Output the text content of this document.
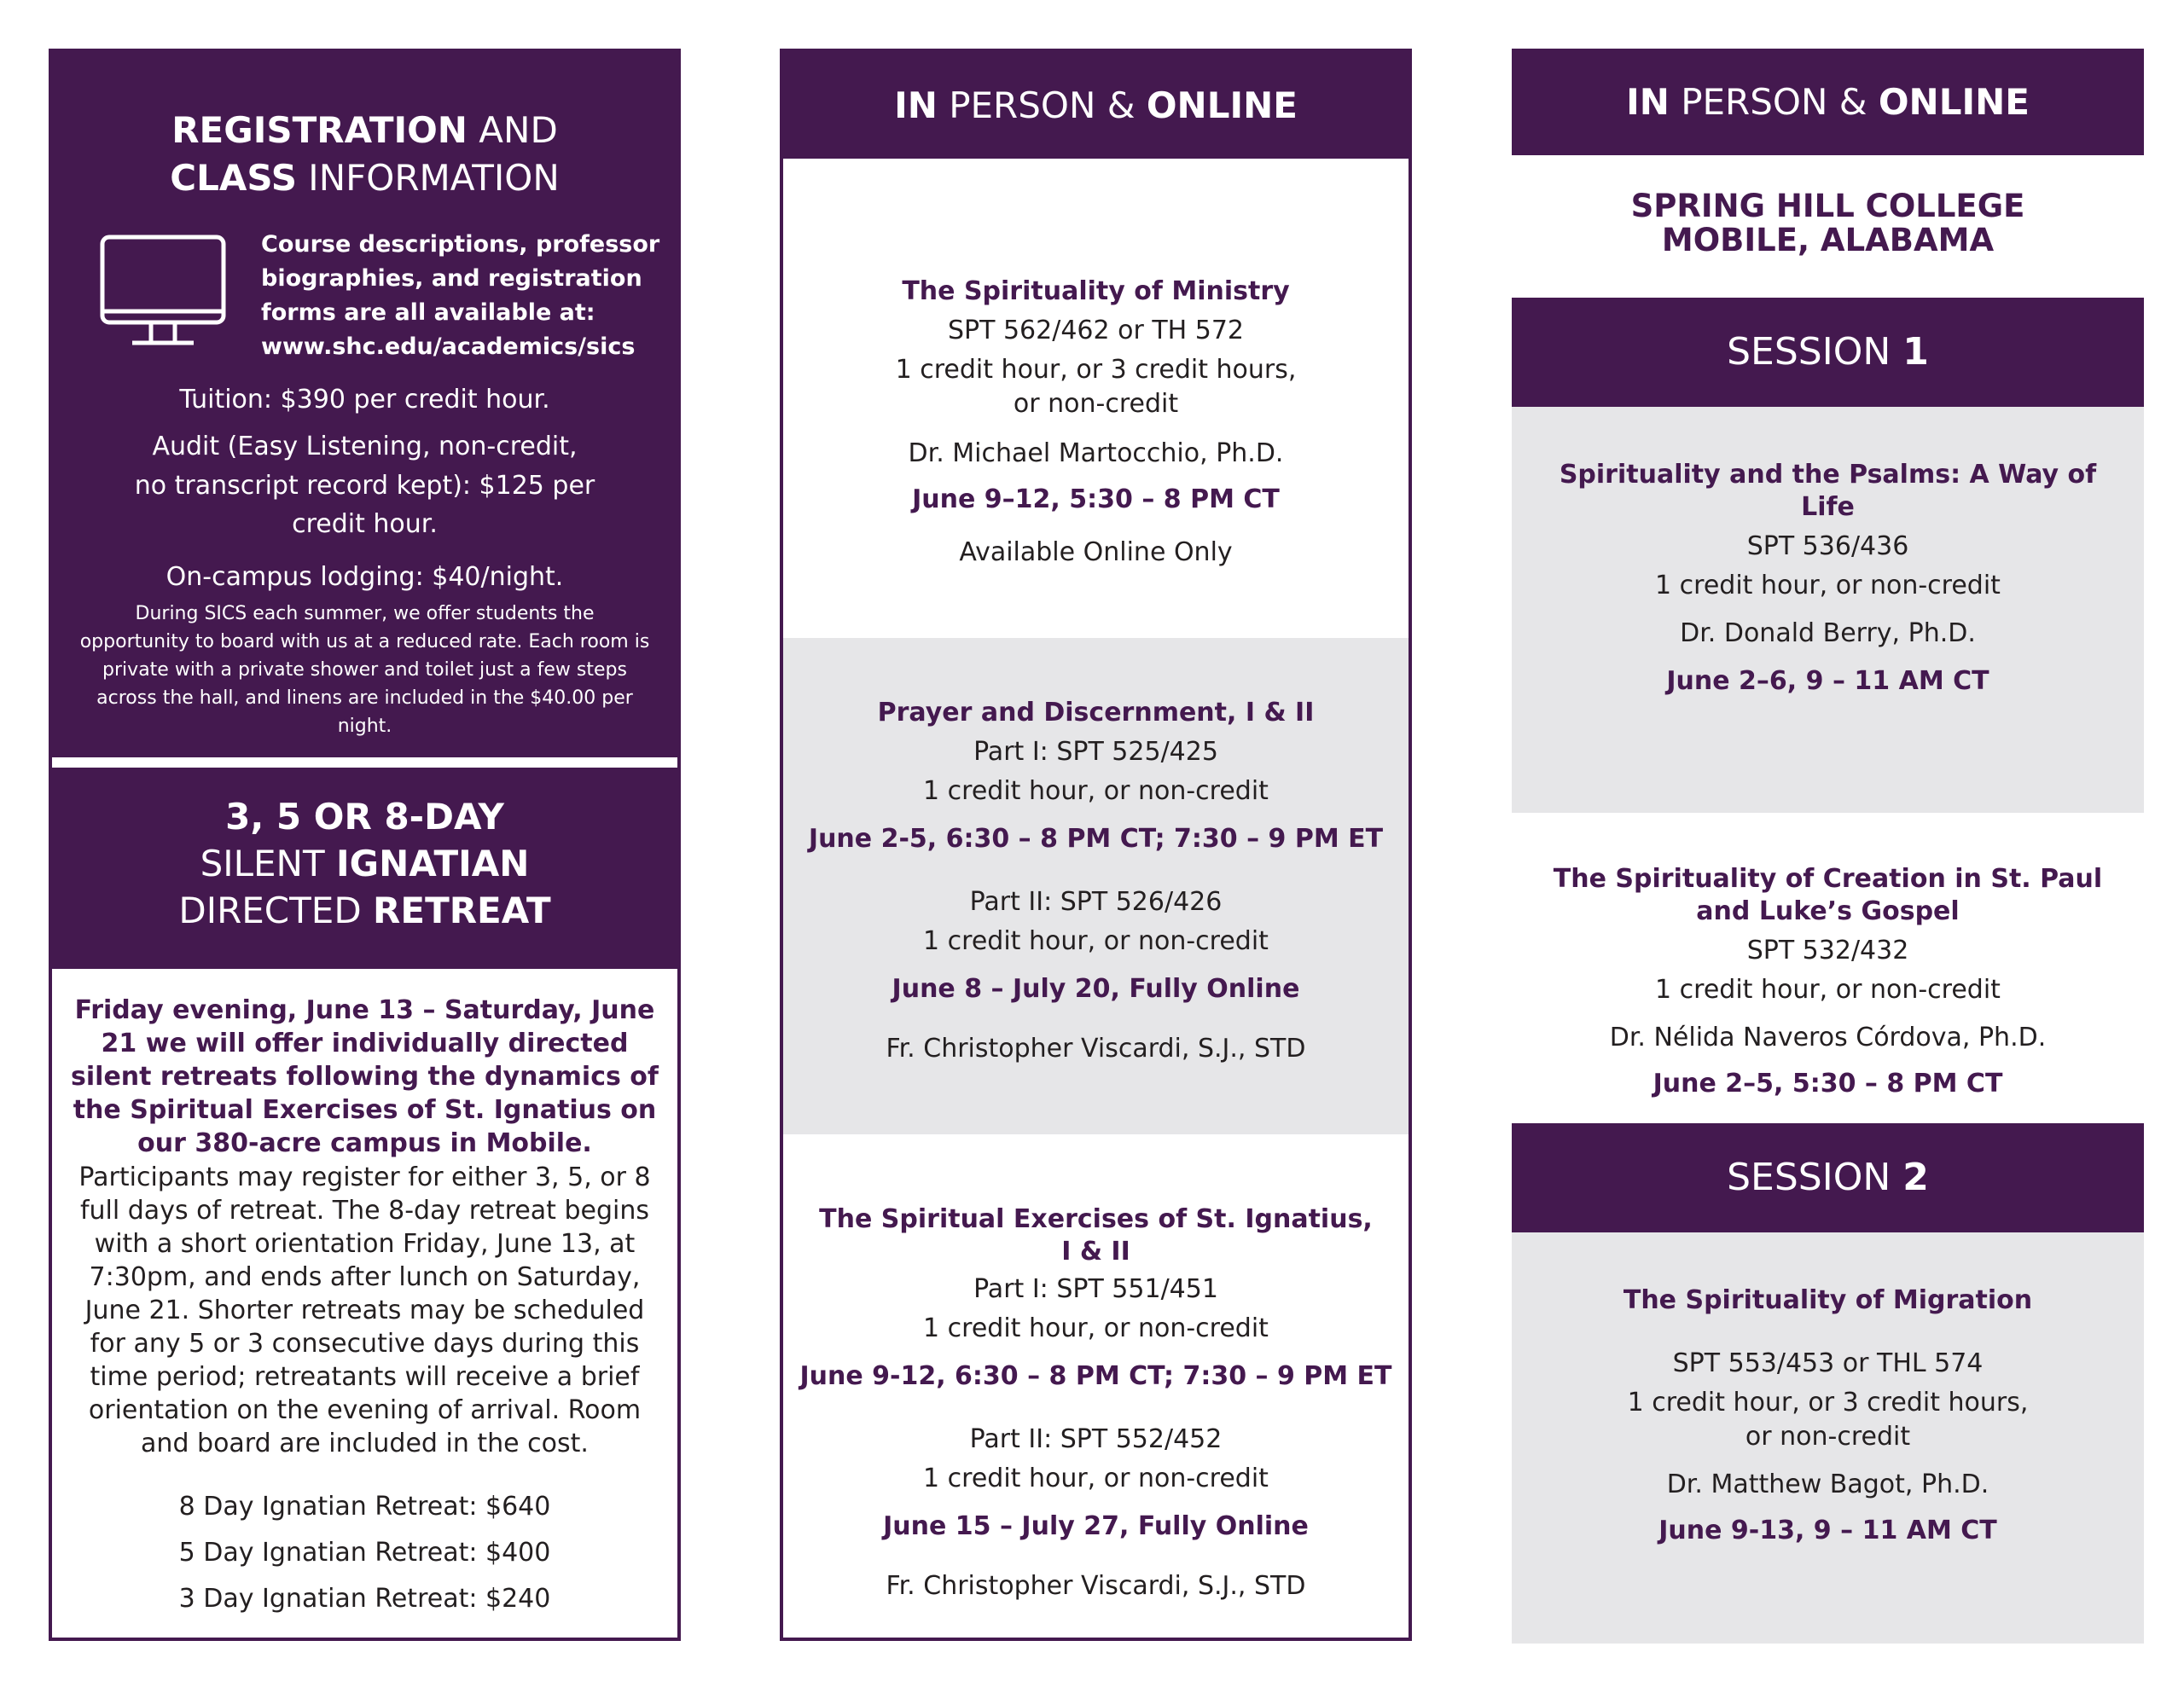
REGISTRATION AND
CLASS INFORMATION
Course descriptions, professor biographies, and registration forms are all available at:
www.shc.edu/academics/sics
Tuition: $390 per credit hour.
Audit (Easy Listening, non-credit,
no transcript record kept): $125 per
credit hour.
On-campus lodging: $40/night.
During SICS each summer, we offer students the opportunity to board with us at a reduced rate. Each room is private with a private shower and toilet just a few steps across the hall, and linens are included in the $40.00 per night.
3, 5 OR 8-DAY
SILENT IGNATIAN
DIRECTED RETREAT
Friday evening, June 13 – Saturday, June 21 we will offer individually directed silent retreats following the dynamics of the Spiritual Exercises of St. Ignatius on our 380-acre campus in Mobile.
Participants may register for either 3, 5, or 8 full days of retreat. The 8-day retreat begins with a short orientation Friday, June 13, at 7:30pm, and ends after lunch on Saturday, June 21. Shorter retreats may be scheduled for any 5 or 3 consecutive days during this time period; retreatants will receive a brief orientation on the evening of arrival. Room and board are included in the cost.
8 Day Ignatian Retreat: $640
5 Day Ignatian Retreat: $400
3 Day Ignatian Retreat: $240
IN PERSON & ONLINE
The Spirituality of Ministry
SPT 562/462 or TH 572
1 credit hour, or 3 credit hours,
or non-credit
Dr. Michael Martocchio, Ph.D.
June 9–12, 5:30 – 8 PM CT
Available Online Only
Prayer and Discernment, I & II
Part I: SPT 525/425
1 credit hour, or non-credit
June 2-5, 6:30 – 8 PM CT; 7:30 – 9 PM ET
Part II: SPT 526/426
1 credit hour, or non-credit
June 8 – July 20, Fully Online
Fr. Christopher Viscardi, S.J., STD
The Spiritual Exercises of St. Ignatius,
I & II
Part I: SPT 551/451
1 credit hour, or non-credit
June 9-12, 6:30 – 8 PM CT; 7:30 – 9 PM ET
Part II: SPT 552/452
1 credit hour, or non-credit
June 15 – July 27, Fully Online
Fr. Christopher Viscardi, S.J., STD
IN PERSON & ONLINE
SPRING HILL COLLEGE
MOBILE, ALABAMA
SESSION 1
Spirituality and the Psalms: A Way of
Life
SPT 536/436
1 credit hour, or non-credit
Dr. Donald Berry, Ph.D.
June 2–6, 9 – 11 AM CT
The Spirituality of Creation in St. Paul
and Luke’s Gospel
SPT 532/432
1 credit hour, or non-credit
Dr. Nélida Naveros Córdova, Ph.D.
June 2–5, 5:30 – 8 PM CT
SESSION 2
The Spirituality of Migration
SPT 553/453 or THL 574
1 credit hour, or 3 credit hours,
or non-credit
Dr. Matthew Bagot, Ph.D.
June 9-13, 9 – 11 AM CT
